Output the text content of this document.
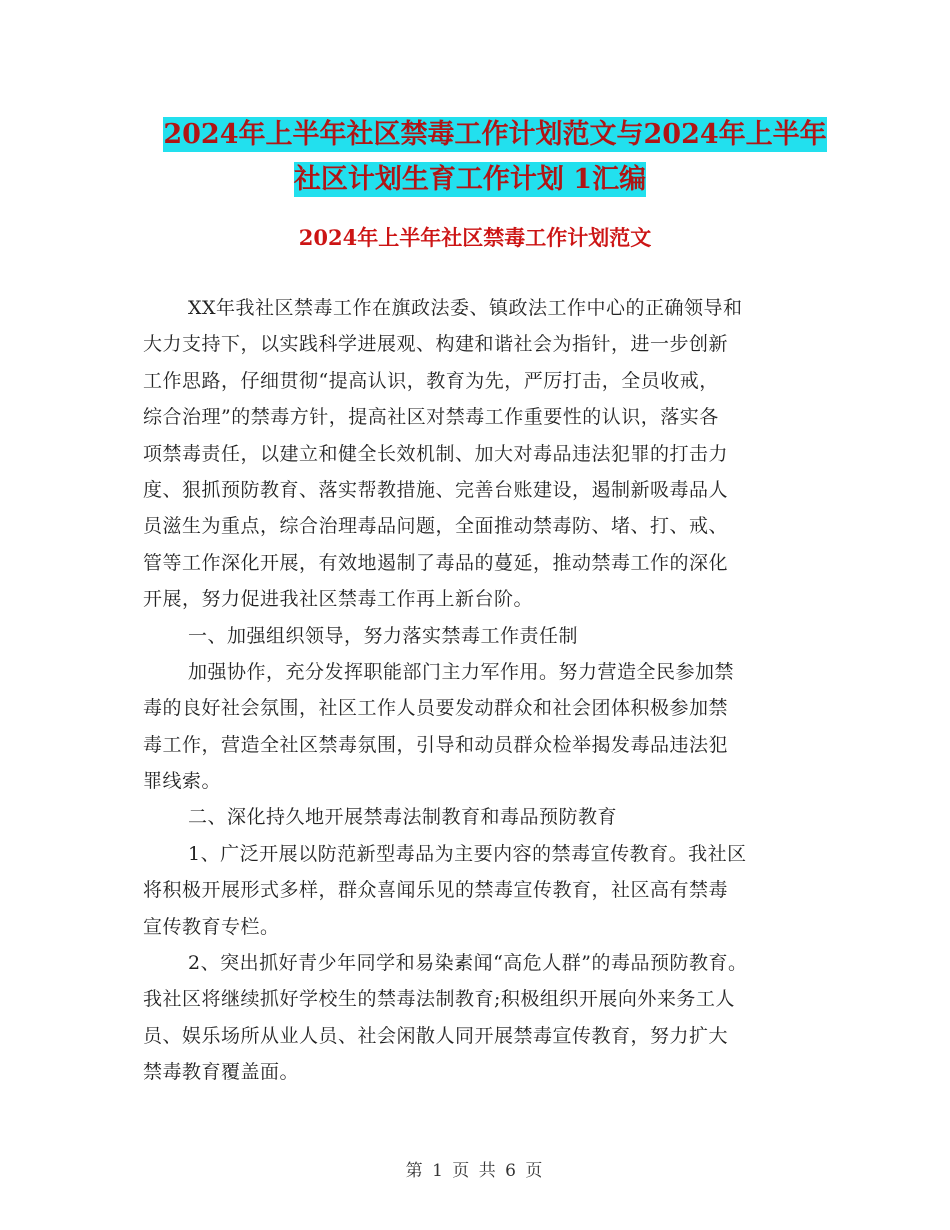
2024年上半年社区禁毒工作计划范文与2024年上半年
社区计划生育工作计划 1汇编
2024年上半年社区禁毒工作计划范文
XX年我社区禁毒工作在旗政法委、镇政法工作中心的正确领导和
大力支持下，以实践科学进展观、构建和谐社会为指针，进一步创新
工作思路，仔细贯彻“提高认识，教育为先，严厉打击，全员收戒，
综合治理”的禁毒方针，提高社区对禁毒工作重要性的认识，落实各
项禁毒责任，以建立和健全长效机制、加大对毒品违法犯罪的打击力
度、狠抓预防教育、落实帮教措施、完善台账建设，遏制新吸毒品人
员滋生为重点，综合治理毒品问题，全面推动禁毒防、堵、打、戒、
管等工作深化开展，有效地遏制了毒品的蔓延，推动禁毒工作的深化
开展，努力促进我社区禁毒工作再上新台阶。
一、加强组织领导，努力落实禁毒工作责任制
加强协作，充分发挥职能部门主力军作用。努力营造全民参加禁
毒的良好社会氛围，社区工作人员要发动群众和社会团体积极参加禁
毒工作，营造全社区禁毒氛围，引导和动员群众检举揭发毒品违法犯
罪线索。
二、深化持久地开展禁毒法制教育和毒品预防教育
1、广泛开展以防范新型毒品为主要内容的禁毒宣传教育。我社区
将积极开展形式多样，群众喜闻乐见的禁毒宣传教育，社区高有禁毒
宣传教育专栏。
2、突出抓好青少年同学和易染素闻“高危人群”的毒品预防教育。
我社区将继续抓好学校生的禁毒法制教育;积极组织开展向外来务工人
员、娱乐场所从业人员、社会闲散人同开展禁毒宣传教育，努力扩大
禁毒教育覆盖面。
第 1 页 共 6 页
